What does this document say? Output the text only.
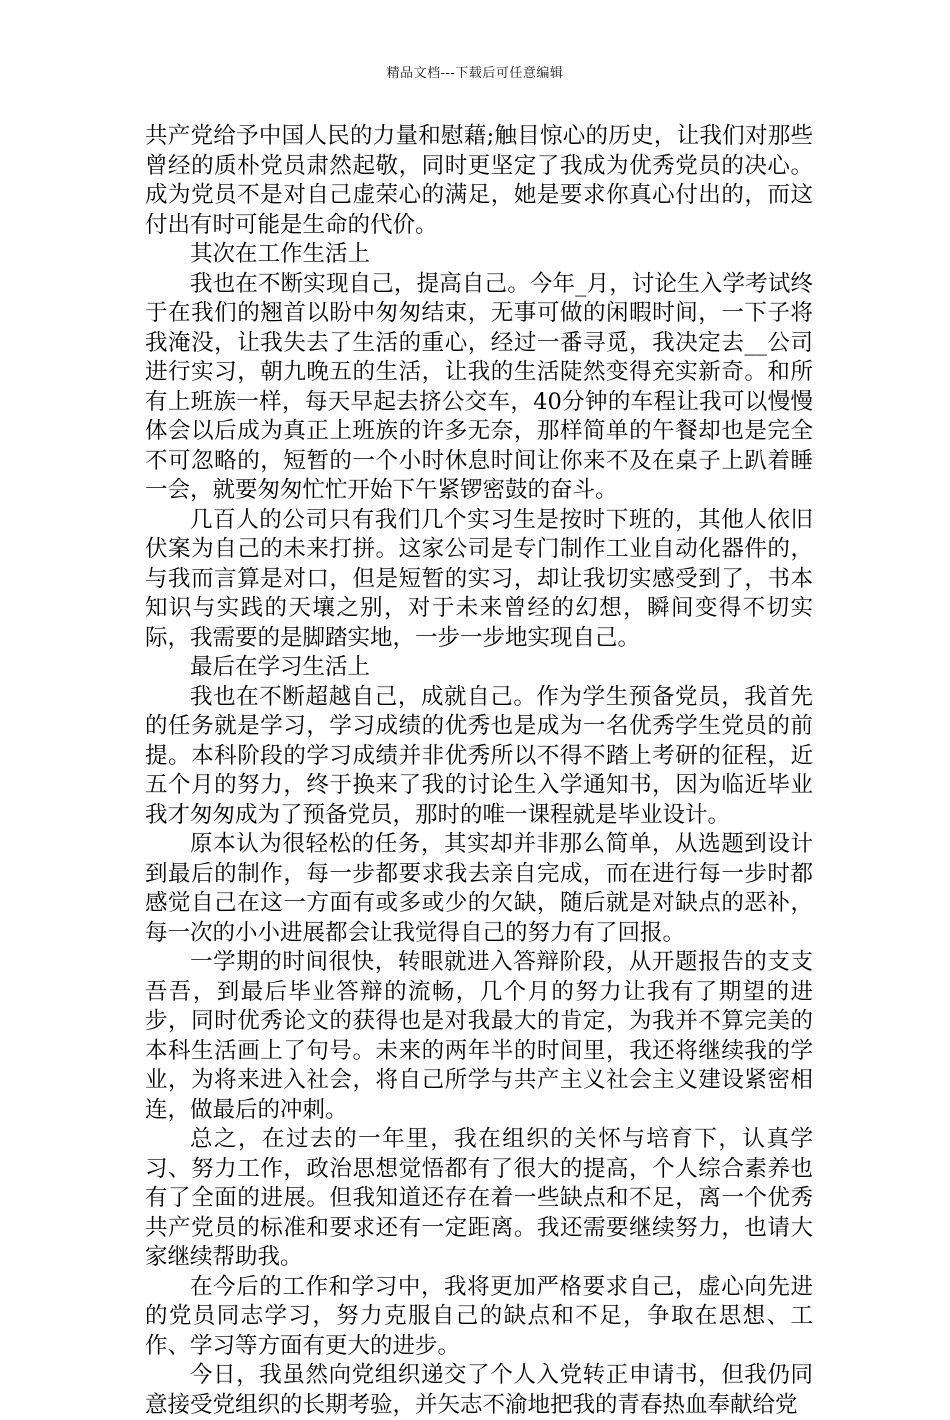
精品文档---下载后可任意编辑

共产党给予中国人民的力量和慰藉;触目惊心的历史，让我们对那些曾经的质朴党员肃然起敬，同时更坚定了我成为优秀党员的决心。成为党员不是对自己虚荣心的满足，她是要求你真心付出的，而这付出有时可能是生命的代价。

其次在工作生活上

我也在不断实现自己，提高自己。今年_月，讨论生入学考试终于在我们的翘首以盼中匆匆结束，无事可做的闲暇时间，一下子将我淹没，让我失去了生活的重心，经过一番寻觅，我决定去__公司进行实习，朝九晚五的生活，让我的生活陡然变得充实新奇。和所有上班族一样，每天早起去挤公交车，40分钟的车程让我可以慢慢体会以后成为真正上班族的许多无奈，那样简单的午餐却也是完全不可忽略的，短暂的一个小时休息时间让你来不及在桌子上趴着睡一会，就要匆匆忙忙开始下午紧锣密鼓的奋斗。

几百人的公司只有我们几个实习生是按时下班的，其他人依旧伏案为自己的未来打拼。这家公司是专门制作工业自动化器件的，与我而言算是对口，但是短暂的实习，却让我切实感受到了，书本知识与实践的天壤之别，对于未来曾经的幻想，瞬间变得不切实际，我需要的是脚踏实地，一步一步地实现自己。

最后在学习生活上

我也在不断超越自己，成就自己。作为学生预备党员，我首先的任务就是学习，学习成绩的优秀也是成为一名优秀学生党员的前提。本科阶段的学习成绩并非优秀所以不得不踏上考研的征程，近五个月的努力，终于换来了我的讨论生入学通知书，因为临近毕业我才匆匆成为了预备党员，那时的唯一课程就是毕业设计。

原本认为很轻松的任务，其实却并非那么简单，从选题到设计到最后的制作，每一步都要求我去亲自完成，而在进行每一步时都感觉自己在这一方面有或多或少的欠缺，随后就是对缺点的恶补，每一次的小小进展都会让我觉得自己的努力有了回报。

一学期的时间很快，转眼就进入答辩阶段，从开题报告的支支吾吾，到最后毕业答辩的流畅，几个月的努力让我有了期望的进步，同时优秀论文的获得也是对我最大的肯定，为我并不算完美的本科生活画上了句号。未来的两年半的时间里，我还将继续我的学业，为将来进入社会，将自己所学与共产主义社会主义建设紧密相连，做最后的冲刺。

总之，在过去的一年里，我在组织的关怀与培育下，认真学习、努力工作，政治思想觉悟都有了很大的提高，个人综合素养也有了全面的进展。但我知道还存在着一些缺点和不足，离一个优秀共产党员的标准和要求还有一定距离。我还需要继续努力，也请大家继续帮助我。

在今后的工作和学习中，我将更加严格要求自己，虚心向先进的党员同志学习，努力克服自己的缺点和不足，争取在思想、工作、学习等方面有更大的进步。

今日，我虽然向党组织递交了个人入党转正申请书，但我仍同意接受党组织的长期考验，并矢志不渝地把我的青春热血奉献给党
